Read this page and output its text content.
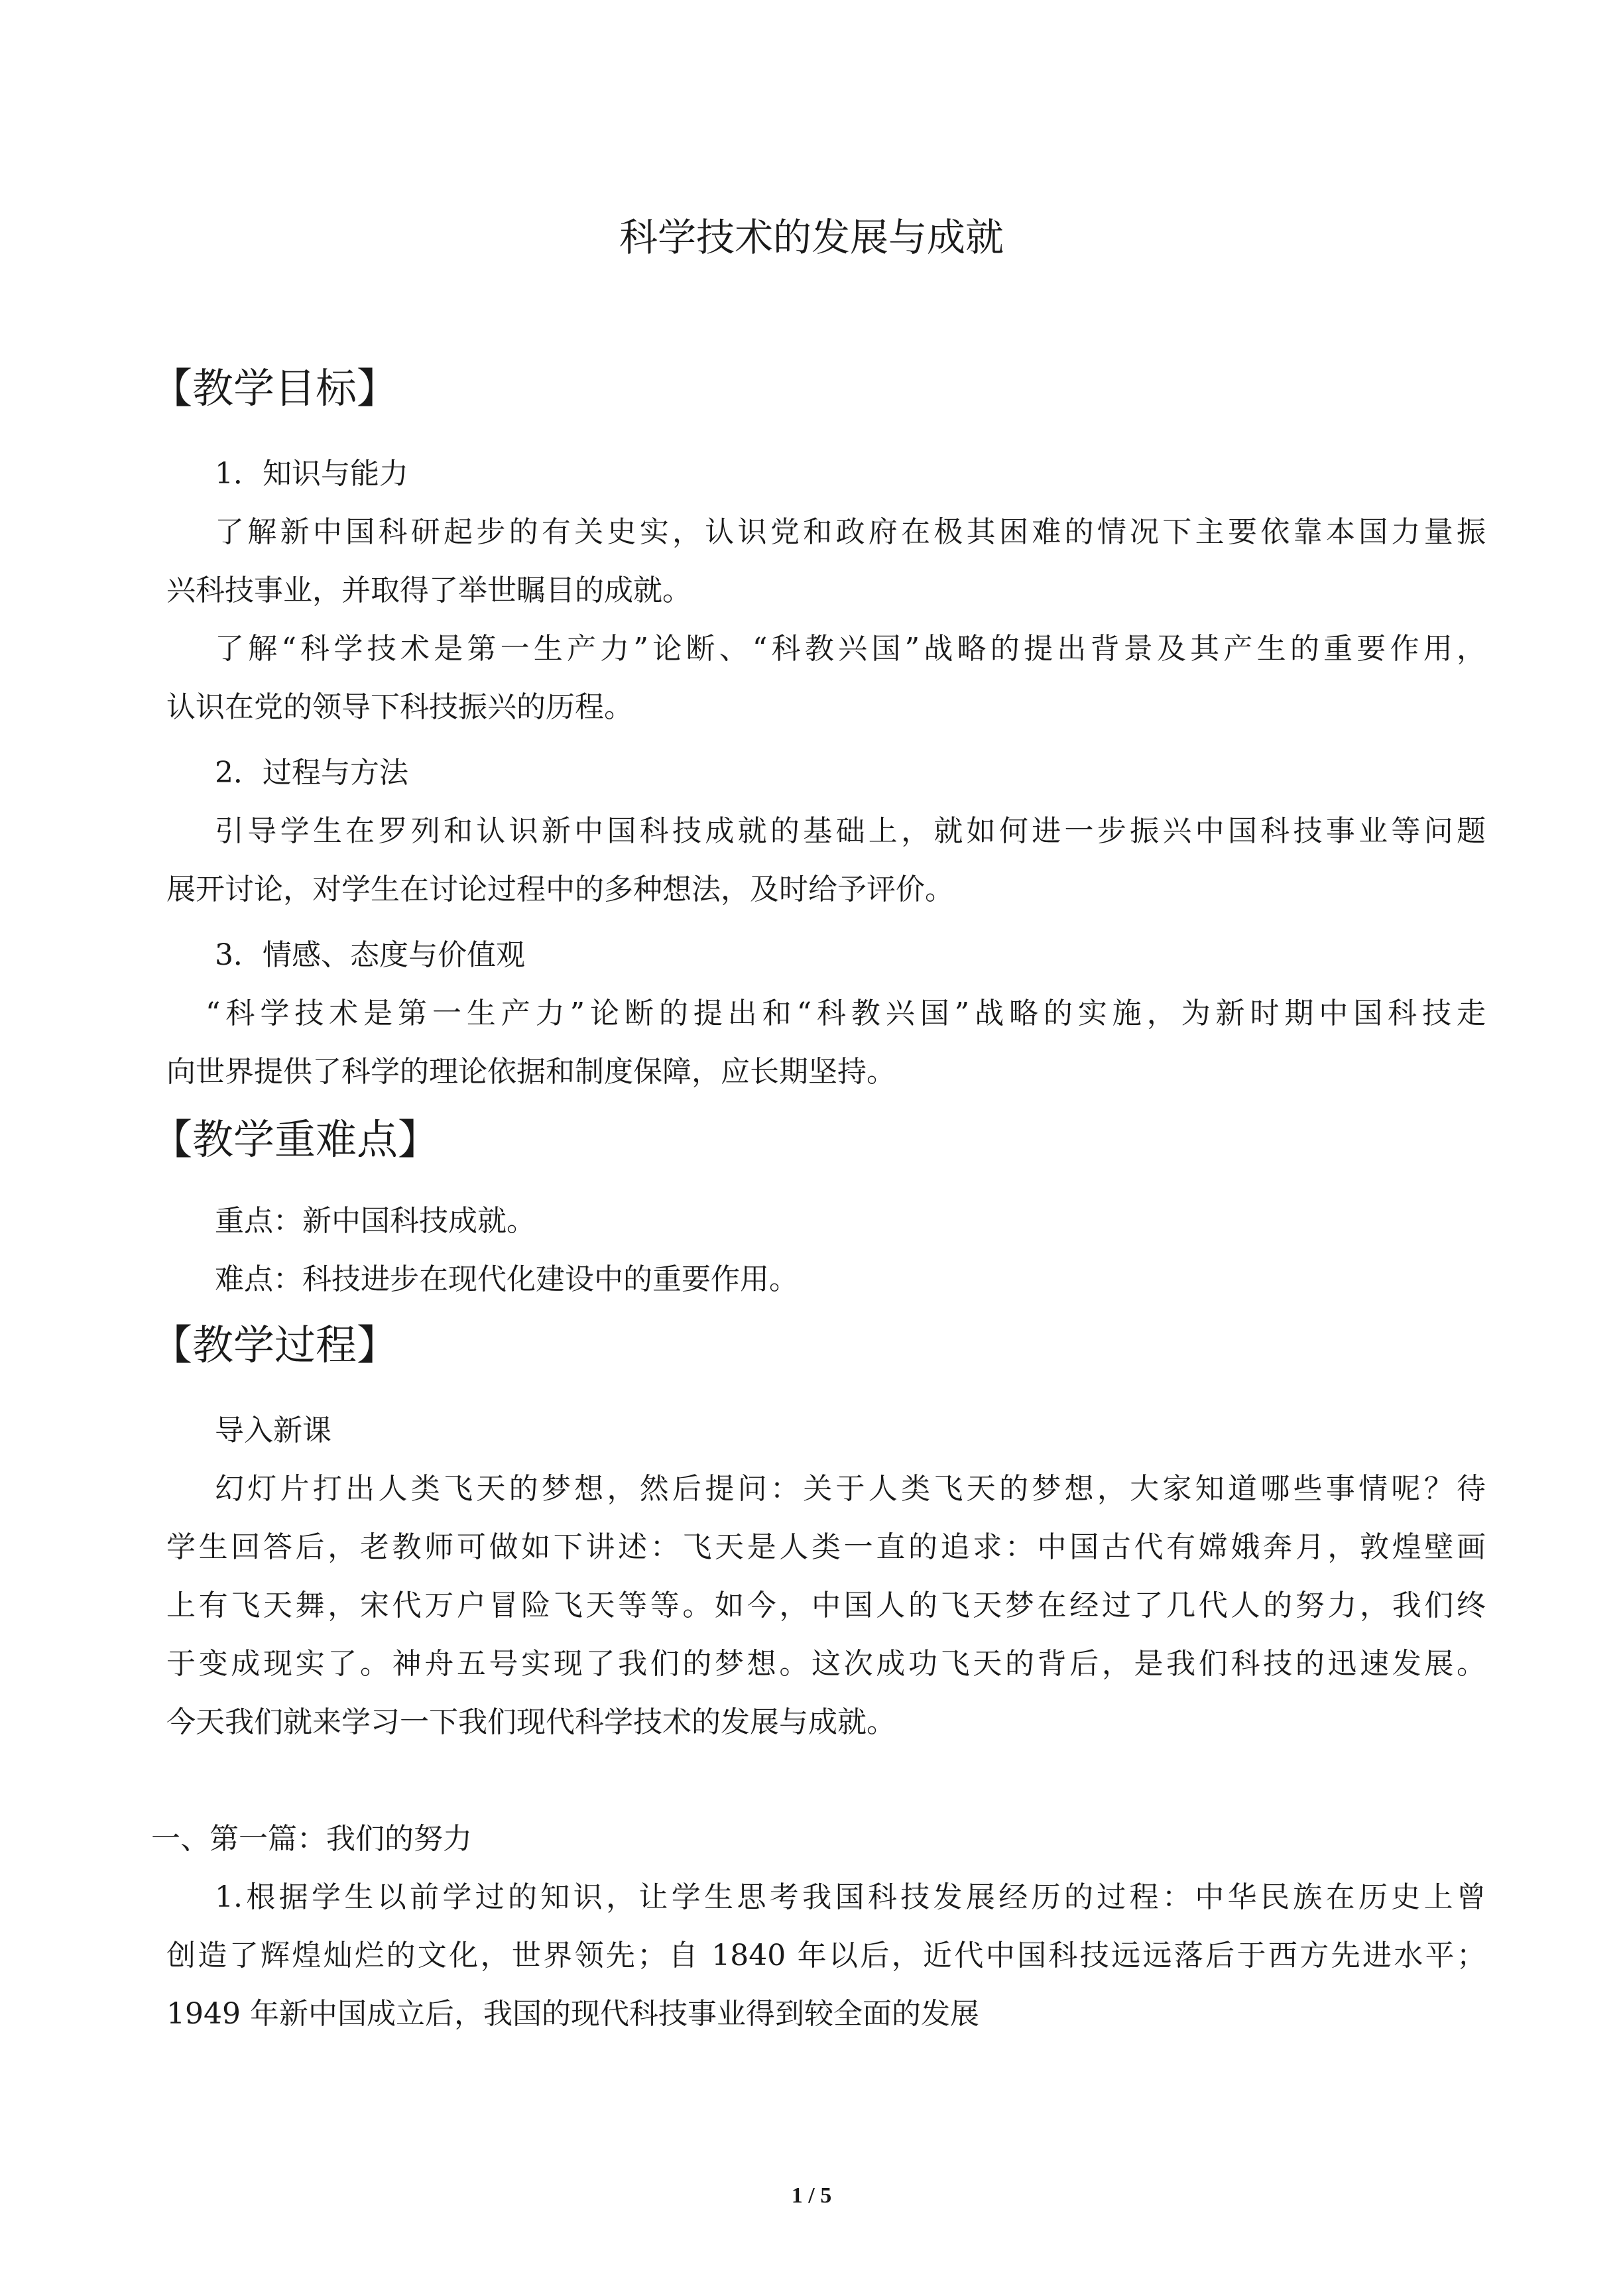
科学技术的发展与成就
【教学目标】
1．知识与能力
了解新中国科研起步的有关史实，认识党和政府在极其困难的情况下主要依靠本国力量振
兴科技事业，并取得了举世瞩目的成就。
了解“科学技术是第一生产力”论断、“科教兴国”战略的提出背景及其产生的重要作用，
认识在党的领导下科技振兴的历程。
2．过程与方法
引导学生在罗列和认识新中国科技成就的基础上，就如何进一步振兴中国科技事业等问题
展开讨论，对学生在讨论过程中的多种想法，及时给予评价。
3．情感、态度与价值观
“科学技术是第一生产力”论断的提出和“科教兴国”战略的实施，为新时期中国科技走
向世界提供了科学的理论依据和制度保障，应长期坚持。
【教学重难点】
重点：新中国科技成就。
难点：科技进步在现代化建设中的重要作用。
【教学过程】
导入新课
幻灯片打出人类飞天的梦想，然后提问：关于人类飞天的梦想，大家知道哪些事情呢？待
学生回答后，老教师可做如下讲述：飞天是人类一直的追求：中国古代有嫦娥奔月，敦煌壁画
上有飞天舞，宋代万户冒险飞天等等。如今，中国人的飞天梦在经过了几代人的努力，我们终
于变成现实了。神舟五号实现了我们的梦想。这次成功飞天的背后，是我们科技的迅速发展。
今天我们就来学习一下我们现代科学技术的发展与成就。
一、第一篇：我们的努力
1.根据学生以前学过的知识，让学生思考我国科技发展经历的过程：中华民族在历史上曾
创造了辉煌灿烂的文化，世界领先；自 1840 年以后，近代中国科技远远落后于西方先进水平；
1949 年新中国成立后，我国的现代科技事业得到较全面的发展
1 / 5
